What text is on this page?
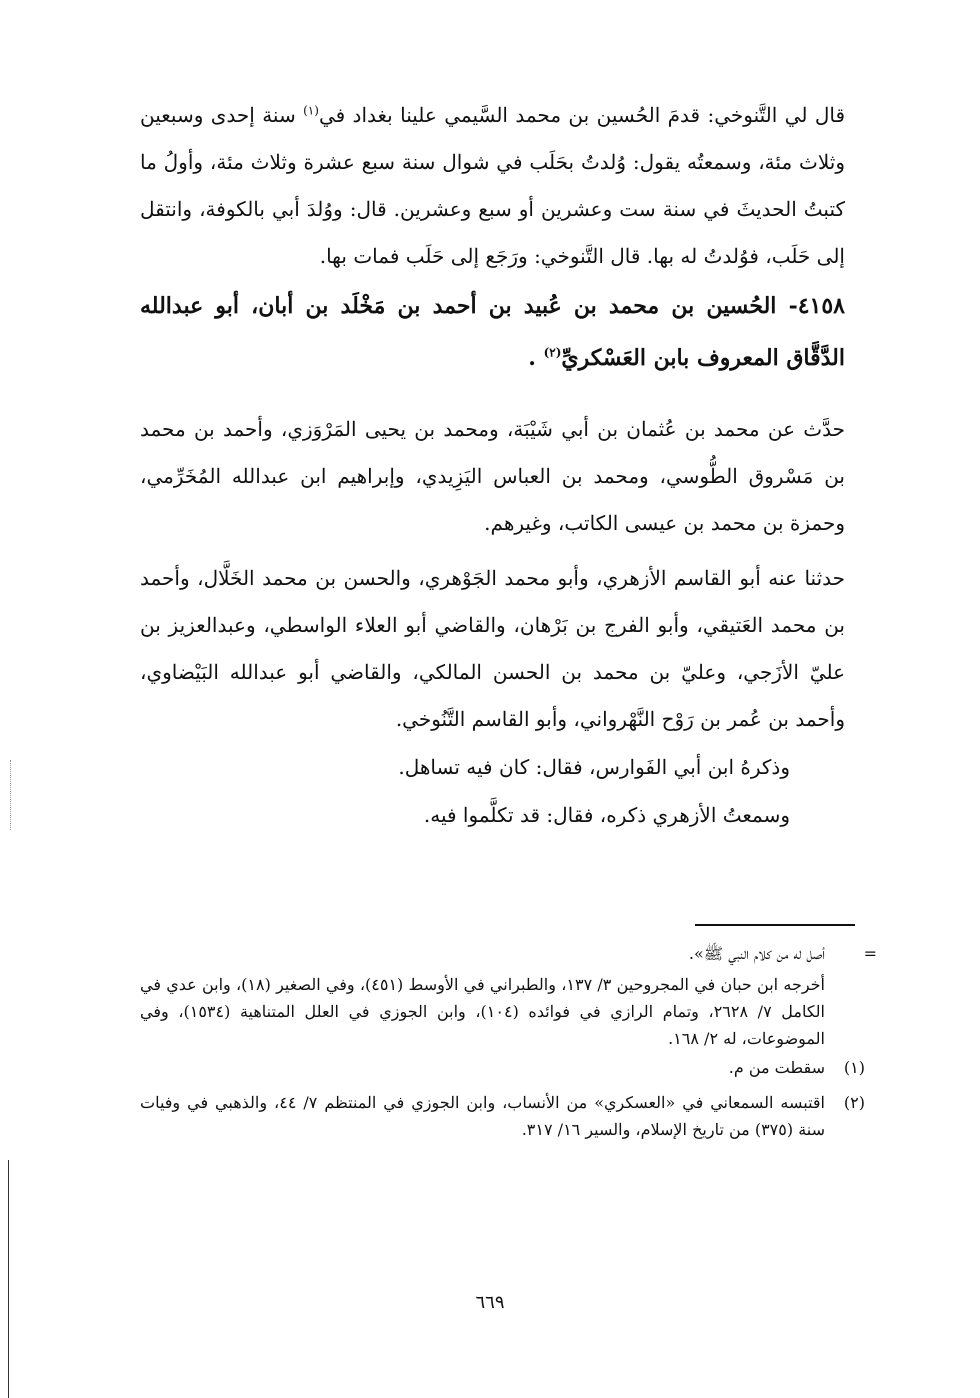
قال لي التَّنوخي: قدمَ الحُسين بن محمد السَّيمي علينا بغداد في$^{(١)}$ سنة إحدى وسبعين وثلاث مئة، وسمعتُه يقول: وُلدتُ بحَلَب في شوال سنة سبع عشرة وثلاث مئة، وأولُ ما كتبتُ الحديثَ في سنة ست وعشرين أو سبع وعشرين. قال: ووُلدَ أبي بالكوفة، وانتقل إلى حَلَب، فوُلدتُ له بها. قال التَّنوخي: ورَجَع إلى حَلَب فمات بها.

٤١٥٨- الحُسين بن محمد بن عُبيد بن أحمد بن مَخْلَد بن أبان، أبو عبدالله الدَّقَّاق المعروف بابن العَسْكريِّ$^{(٢)}$ .

حدَّث عن محمد بن عُثمان بن أبي شَيْبَة، ومحمد بن يحيى المَرْوَزي، وأحمد بن محمد بن مَسْروق الطُّوسي، ومحمد بن العباس اليَزِيدي، وإبراهيم ابن عبدالله المُخَرِّمي، وحمزة بن محمد بن عيسى الكاتب، وغيرهم.

حدثنا عنه أبو القاسم الأزهري، وأبو محمد الجَوْهري، والحسن بن محمد الخَلَّال، وأحمد بن محمد العَتيقي، وأبو الفرج بن بَرْهان، والقاضي أبو العلاء الواسطي، وعبدالعزيز بن عليّ الأزَجي، وعليّ بن محمد بن الحسن المالكي، والقاضي أبو عبدالله البَيْضاوي، وأحمد بن عُمر بن رَوْح النَّهْرواني، وأبو القاسم التَّنُوخي.

وذكرهُ ابن أبي الفَوارس، فقال: كان فيه تساهل.

وسمعتُ الأزهري ذكره، فقال: قد تكلَّموا فيه.

=
أصل له من كلام النبي ﷺ».

أخرجه ابن حبان في المجروحين ٣/ ١٣٧، والطبراني في الأوسط (٤٥١)، وفي الصغير (١٨)، وابن عدي في الكامل ٧/ ٢٦٢٨، وتمام الرازي في فوائده (١٠٤)، وابن الجوزي في العلل المتناهية (١٥٣٤)، وفي الموضوعات، له ٢/ ١٦٨.

(١)
سقطت من م.

(٢)
اقتبسه السمعاني في «العسكري» من الأنساب، وابن الجوزي في المنتظم ٧/ ٤٤، والذهبي في وفيات سنة (٣٧٥) من تاريخ الإسلام، والسير ١٦/ ٣١٧.

٦٦٩
